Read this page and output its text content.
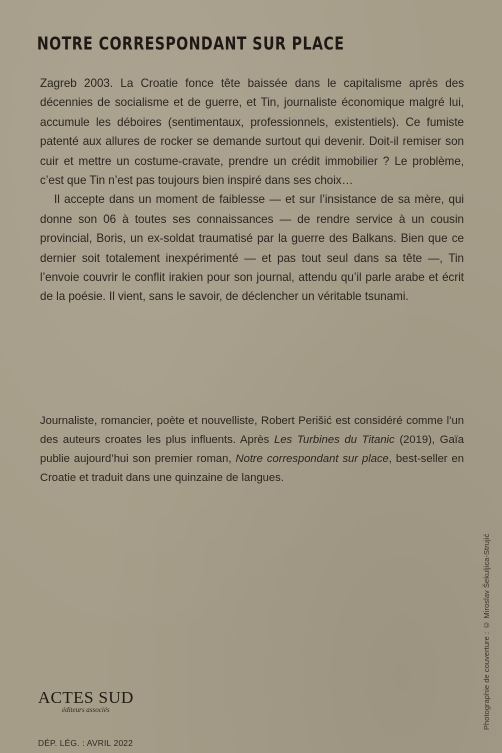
NOTRE CORRESPONDANT SUR PLACE

Zagreb 2003. La Croatie fonce tête baissée dans le capitalisme après des décennies de socialisme et de guerre, et Tin, journaliste économique malgré lui, accumule les déboires (sentimentaux, professionnels, existentiels). Ce fumiste patenté aux allures de rocker se demande surtout qui devenir. Doit-il remiser son cuir et mettre un costume-cravate, prendre un crédit immobilier ? Le problème, c’est que Tin n’est pas toujours bien inspiré dans ses choix…

Il accepte dans un moment de faiblesse — et sur l’insistance de sa mère, qui donne son 06 à toutes ses connaissances — de rendre service à un cousin provincial, Boris, un ex-soldat traumatisé par la guerre des Balkans. Bien que ce dernier soit totalement inexpérimenté — et pas tout seul dans sa tête —, Tin l’envoie couvrir le conflit irakien pour son journal, attendu qu’il parle arabe et écrit de la poésie. Il vient, sans le savoir, de déclencher un véritable tsunami.

Journaliste, romancier, poète et nouvelliste, Robert Perišić est considéré comme l’un des auteurs croates les plus influents. Après Les Turbines du Titanic (2019), Gaïa publie aujourd’hui son premier roman, Notre correspondant sur place, best-seller en Croatie et traduit dans une quinzaine de langues.

Photographie de couverture : © Miroslav Šekuljica-Strujić
ACTES SUD
éditeurs associés
DÉP. LÉG. : AVRIL 2022
